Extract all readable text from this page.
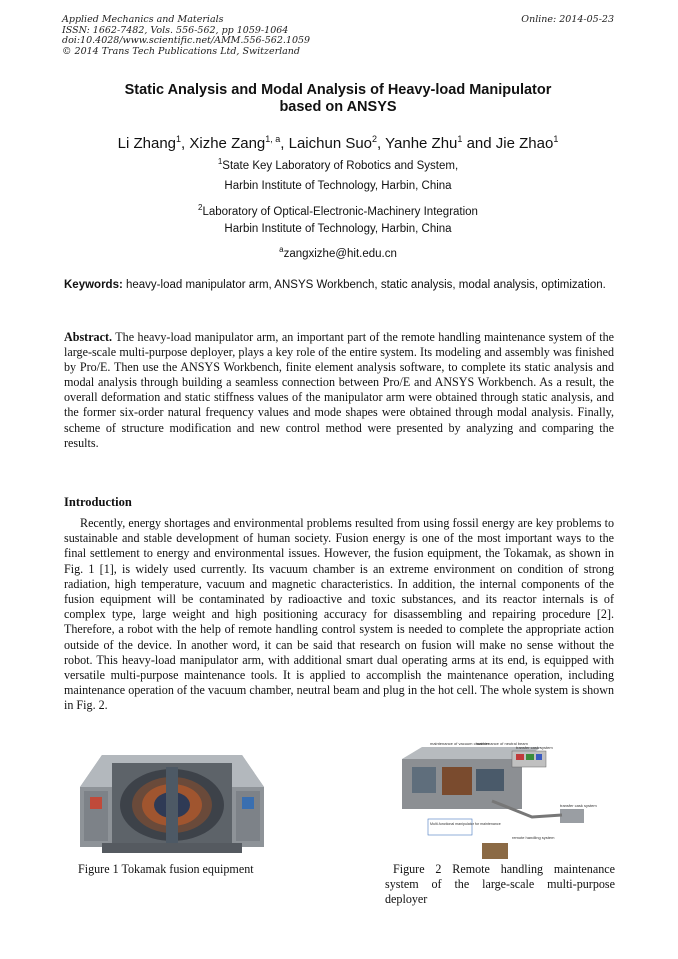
Applied Mechanics and Materials
ISSN: 1662-7482, Vols. 556-562, pp 1059-1064
doi:10.4028/www.scientific.net/AMM.556-562.1059
© 2014 Trans Tech Publications Ltd, Switzerland
Online: 2014-05-23
Static Analysis and Modal Analysis of Heavy-load Manipulator
based on ANSYS
Li Zhang$^1$, Xizhe Zang$^{1, a}$, Laichun Suo$^2$, Yanhe Zhu$^1$ and Jie Zhao$^1$
$^1$State Key Laboratory of Robotics and System,
Harbin Institute of Technology, Harbin, China
$^2$Laboratory of Optical-Electronic-Machinery Integration
Harbin Institute of Technology, Harbin, China
$^a$zangxizhe@hit.edu.cn
Keywords: heavy-load manipulator arm, ANSYS Workbench, static analysis, modal analysis, optimization.
Abstract. The heavy-load manipulator arm, an important part of the remote handling maintenance system of the large-scale multi-purpose deployer, plays a key role of the entire system. Its modeling and assembly was finished by Pro/E. Then use the ANSYS Workbench, finite element analysis software, to complete its static analysis and modal analysis through building a seamless connection between Pro/E and ANSYS Workbench. As a result, the overall deformation and static stiffness values of the manipulator arm were obtained through static analysis, and the former six-order natural frequency values and mode shapes were obtained through modal analysis. Finally, scheme of structure modification and new control method were presented by analyzing and comparing the results.
Introduction
Recently, energy shortages and environmental problems resulted from using fossil energy are key problems to sustainable and stable development of human society. Fusion energy is one of the most important ways to the final settlement to energy and environmental issues. However, the fusion equipment, the Tokamak, as shown in Fig. 1 [1], is widely used currently. Its vacuum chamber is an extreme environment on condition of strong radiation, high temperature, vacuum and magnetic characteristics. In addition, the internal components of the fusion equipment will be contaminated by radioactive and toxic substances, and its reactor internals is of complex type, large weight and high positioning accuracy for disassembling and repairing procedure [2]. Therefore, a robot with the help of remote handling control system is needed to complete the appropriate action outside of the device. In another word, it can be said that research on fusion will make no sense without the robot. This heavy-load manipulator arm, with additional smart dual operating arms at its end, is equipped with versatile multi-purpose maintenance tools. It is applied to accomplish the maintenance operation, including maintenance operation of the vacuum chamber, neutral beam and plug in the hot cell. The whole system is shown in Fig. 2.
maintenance of vacuum chamber
maintenance of neutral beam
transfer cask system
transfer cask system
Multi-functional manipulator for maintenance
remote handling system
Figure 1 Tokamak fusion equipment	Figure 2 Remote handling maintenance system of the large-scale multi-purpose deployer
